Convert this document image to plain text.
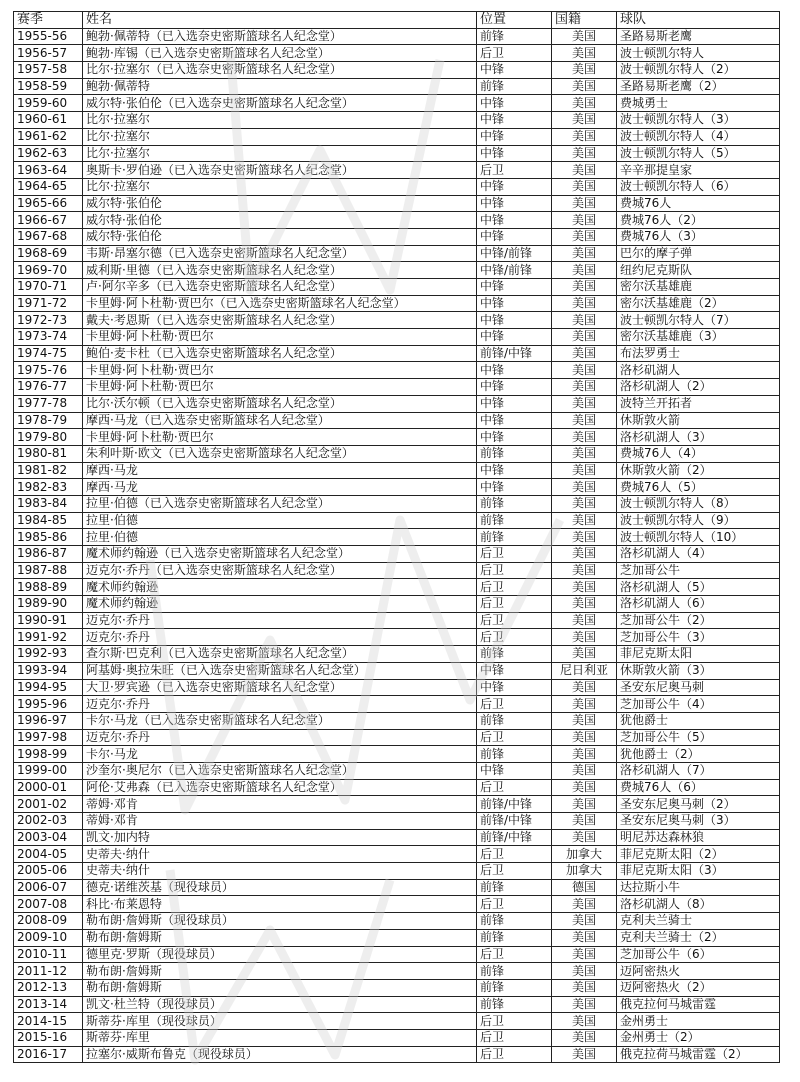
赛季	姓名	位置	国籍	球队
1955-56	鲍勃·佩蒂特（已入选奈史密斯篮球名人纪念堂）	前锋	美国	圣路易斯老鹰
1956-57	鲍勃·库锡（已入选奈史密斯篮球名人纪念堂）	后卫	美国	波士顿凯尔特人
1957-58	比尔·拉塞尔（已入选奈史密斯篮球名人纪念堂）	中锋	美国	波士顿凯尔特人（2）
1958-59	鲍勃·佩蒂特	前锋	美国	圣路易斯老鹰（2）
1959-60	威尔特·张伯伦（已入选奈史密斯篮球名人纪念堂）	中锋	美国	费城勇士
1960-61	比尔·拉塞尔	中锋	美国	波士顿凯尔特人（3）
1961-62	比尔·拉塞尔	中锋	美国	波士顿凯尔特人（4）
1962-63	比尔·拉塞尔	中锋	美国	波士顿凯尔特人（5）
1963-64	奥斯卡·罗伯逊（已入选奈史密斯篮球名人纪念堂）	后卫	美国	辛辛那提皇家
1964-65	比尔·拉塞尔	中锋	美国	波士顿凯尔特人（6）
1965-66	威尔特·张伯伦	中锋	美国	费城76人
1966-67	威尔特·张伯伦	中锋	美国	费城76人（2）
1967-68	威尔特·张伯伦	中锋	美国	费城76人（3）
1968-69	韦斯·昂塞尔德（已入选奈史密斯篮球名人纪念堂）	中锋/前锋	美国	巴尔的摩子弹
1969-70	威利斯·里德（已入选奈史密斯篮球名人纪念堂）	中锋/前锋	美国	纽约尼克斯队
1970-71	卢·阿尔辛多（已入选奈史密斯篮球名人纪念堂）	中锋	美国	密尔沃基雄鹿
1971-72	卡里姆·阿卜杜勒·贾巴尔（已入选奈史密斯篮球名人纪念堂）	中锋	美国	密尔沃基雄鹿（2）
1972-73	戴夫·考恩斯（已入选奈史密斯篮球名人纪念堂）	中锋	美国	波士顿凯尔特人（7）
1973-74	卡里姆·阿卜杜勒·贾巴尔	中锋	美国	密尔沃基雄鹿（3）
1974-75	鲍伯·麦卡杜（已入选奈史密斯篮球名人纪念堂）	前锋/中锋	美国	布法罗勇士
1975-76	卡里姆·阿卜杜勒·贾巴尔	中锋	美国	洛杉矶湖人
1976-77	卡里姆·阿卜杜勒·贾巴尔	中锋	美国	洛杉矶湖人（2）
1977-78	比尔·沃尔顿（已入选奈史密斯篮球名人纪念堂）	中锋	美国	波特兰开拓者
1978-79	摩西·马龙（已入选奈史密斯篮球名人纪念堂）	中锋	美国	休斯敦火箭
1979-80	卡里姆·阿卜杜勒·贾巴尔	中锋	美国	洛杉矶湖人（3）
1980-81	朱利叶斯·欧文（已入选奈史密斯篮球名人纪念堂）	前锋	美国	费城76人（4）
1981-82	摩西·马龙	中锋	美国	休斯敦火箭（2）
1982-83	摩西·马龙	中锋	美国	费城76人（5）
1983-84	拉里·伯德（已入选奈史密斯篮球名人纪念堂）	前锋	美国	波士顿凯尔特人（8）
1984-85	拉里·伯德	前锋	美国	波士顿凯尔特人（9）
1985-86	拉里·伯德	前锋	美国	波士顿凯尔特人（10）
1986-87	魔术师约翰逊（已入选奈史密斯篮球名人纪念堂）	后卫	美国	洛杉矶湖人（4）
1987-88	迈克尔·乔丹（已入选奈史密斯篮球名人纪念堂）	后卫	美国	芝加哥公牛
1988-89	魔术师约翰逊	后卫	美国	洛杉矶湖人（5）
1989-90	魔术师约翰逊	后卫	美国	洛杉矶湖人（6）
1990-91	迈克尔·乔丹	后卫	美国	芝加哥公牛（2）
1991-92	迈克尔·乔丹	后卫	美国	芝加哥公牛（3）
1992-93	查尔斯·巴克利（已入选奈史密斯篮球名人纪念堂）	前锋	美国	菲尼克斯太阳
1993-94	阿基姆·奥拉朱旺（已入选奈史密斯篮球名人纪念堂）	中锋	尼日利亚	休斯敦火箭（3）
1994-95	大卫·罗宾逊（已入选奈史密斯篮球名人纪念堂）	中锋	美国	圣安东尼奥马刺
1995-96	迈克尔·乔丹	后卫	美国	芝加哥公牛（4）
1996-97	卡尔·马龙（已入选奈史密斯篮球名人纪念堂）	前锋	美国	犹他爵士
1997-98	迈克尔·乔丹	后卫	美国	芝加哥公牛（5）
1998-99	卡尔·马龙	前锋	美国	犹他爵士（2）
1999-00	沙奎尔·奥尼尔（已入选奈史密斯篮球名人纪念堂）	中锋	美国	洛杉矶湖人（7）
2000-01	阿伦·艾弗森（已入选奈史密斯篮球名人纪念堂）	后卫	美国	费城76人（6）
2001-02	蒂姆·邓肯	前锋/中锋	美国	圣安东尼奥马刺（2）
2002-03	蒂姆·邓肯	前锋/中锋	美国	圣安东尼奥马刺（3）
2003-04	凯文·加内特	前锋/中锋	美国	明尼苏达森林狼
2004-05	史蒂夫·纳什	后卫	加拿大	菲尼克斯太阳（2）
2005-06	史蒂夫·纳什	后卫	加拿大	菲尼克斯太阳（3）
2006-07	德克·诺维茨基（现役球员）	前锋	德国	达拉斯小牛
2007-08	科比·布莱恩特	后卫	美国	洛杉矶湖人（8）
2008-09	勒布朗·詹姆斯（现役球员）	前锋	美国	克利夫兰骑士
2009-10	勒布朗·詹姆斯	前锋	美国	克利夫兰骑士（2）
2010-11	德里克·罗斯（现役球员）	后卫	美国	芝加哥公牛（6）
2011-12	勒布朗·詹姆斯	前锋	美国	迈阿密热火
2012-13	勒布朗·詹姆斯	前锋	美国	迈阿密热火（2）
2013-14	凯文·杜兰特（现役球员）	前锋	美国	俄克拉何马城雷霆
2014-15	斯蒂芬·库里（现役球员）	后卫	美国	金州勇士
2015-16	斯蒂芬·库里	后卫	美国	金州勇士（2）
2016-17	拉塞尔·威斯布鲁克（现役球员）	后卫	美国	俄克拉荷马城雷霆（2）
